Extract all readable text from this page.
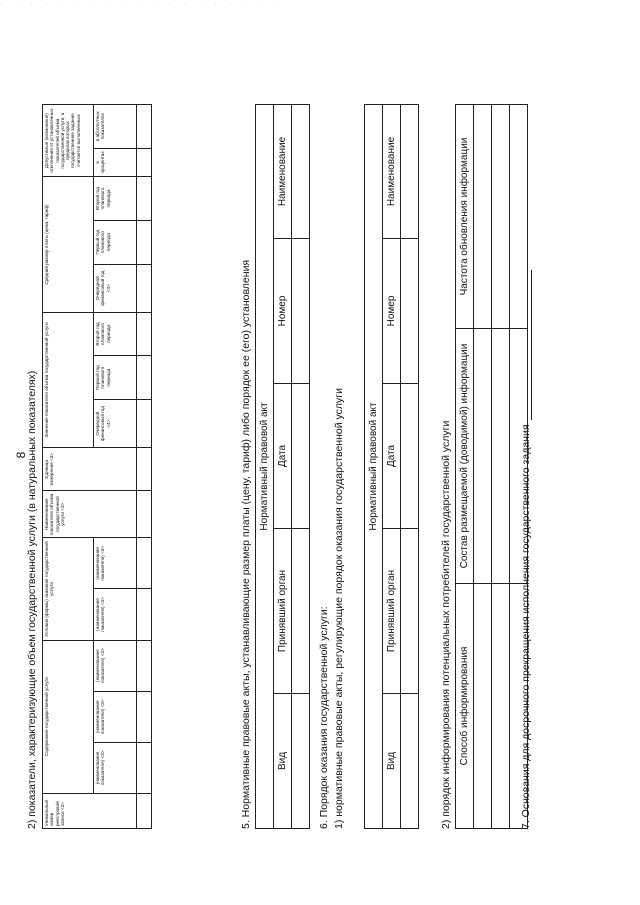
. . . . . . . . . . . . . . . . . . .
8
2) показатели, характеризующие объем государственной услуги (в натуральных показателях) Уникальный номер реестровой записи <3>	Содержание государственной услуги			Условия (формы) оказания государственной услуги		Наименование показателя объема государственной услуги <3>	Единица измерения <3>	Значение показателя объема государственной услуги			Средний размер платы (цена, тариф)			Допустимые (возможные) отклонения от установленных показателей объема государственной услуги, в пределах которых государственное задание считается выполненным	
	(наименование показателя) <3>	(наименование показателя) <3>	(наименование показателя) <3>	(наименование показателя) <3>	(наименование показателя) <3>			Очередной финансовый год <4>	Первый год планового периода	Второй год планового периода	Очередной финансовый год <4>	Первый год планового периода	Второй год планового периода	в процентах	в абсолютных показателях

5. Нормативные правовые акты, устанавливающие размер платы (цену, тариф) либо порядок ее (его) установления Нормативный правовой акт				
Вид	Принявший орган	Дата	Номер	Наименование

6. Порядок оказания государственной услуги: 1) нормативные правовые акты, регулирующие порядок оказания государственной услуги Нормативный правовой акт				
Вид	Принявший орган	Дата	Номер	Наименование

2) порядок информирования потенциальных потребителей государственной услуги Способ информирования	Состав размещаемой (доводимой) информации	Частота обновления информации

7. Основания для досрочного прекращения исполнения государственного задания
